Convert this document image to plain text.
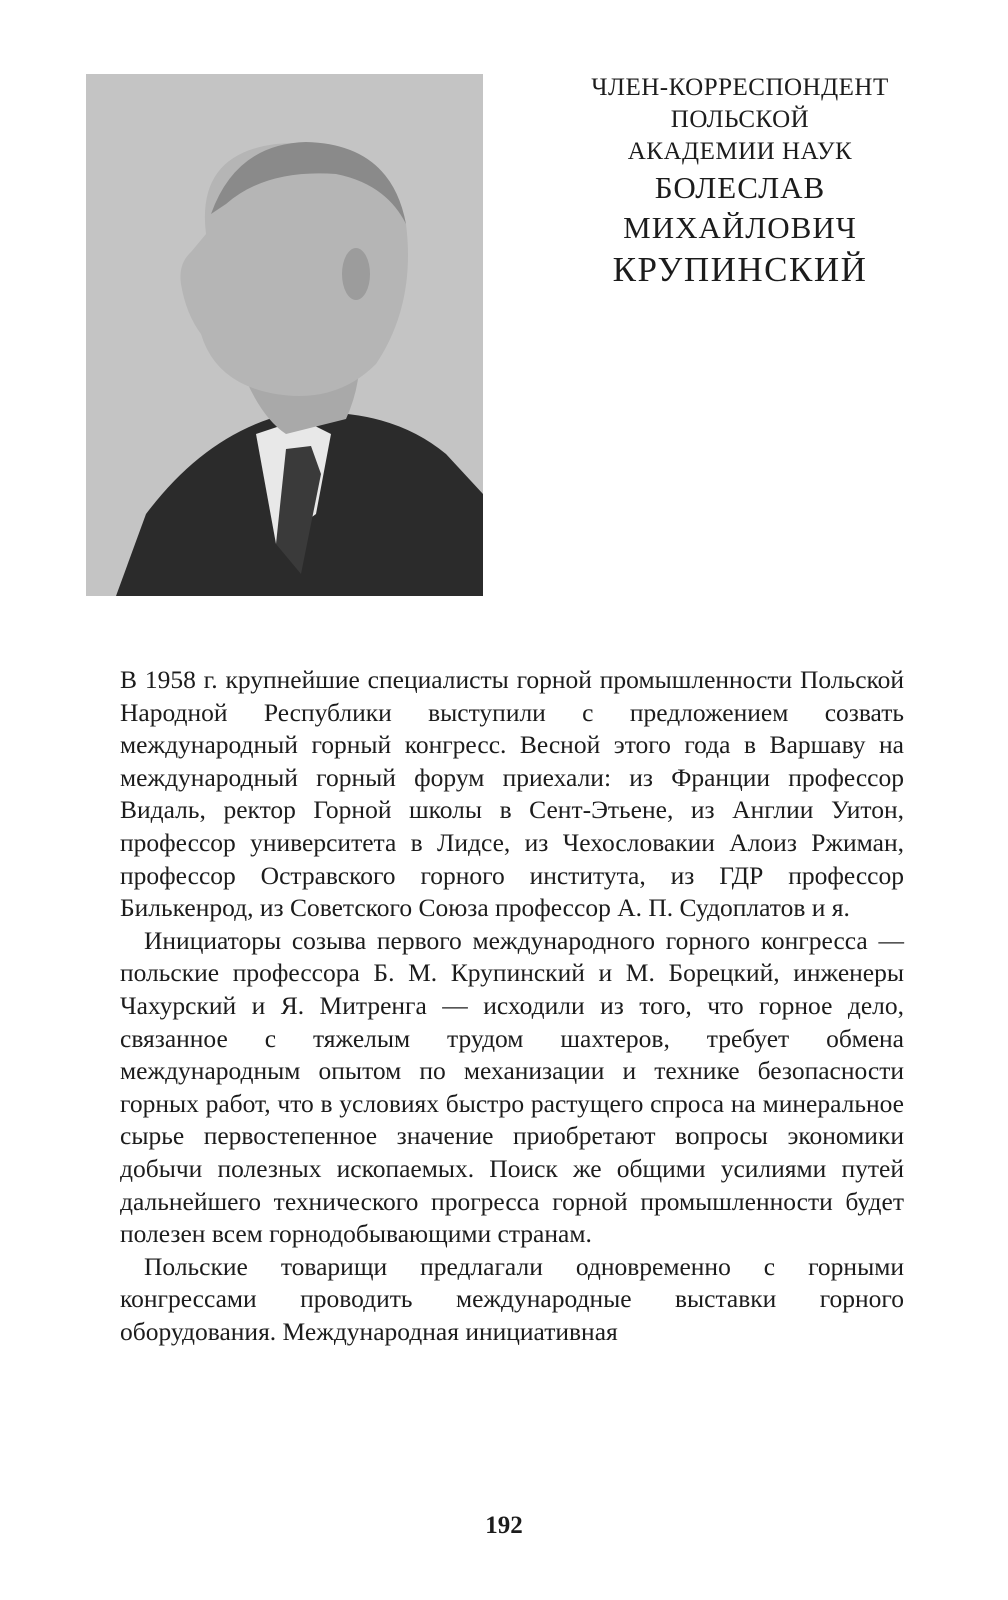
ЧЛЕН-КОРРЕСПОНДЕНТ
ПОЛЬСКОЙ
АКАДЕМИИ НАУК
БОЛЕСЛАВ
МИХАЙЛОВИЧ
КРУПИНСКИЙ

В 1958 г. крупнейшие специалисты горной промышленности Польской Народной Республики выступили с предложением созвать международный горный конгресс. Весной этого года в Варшаву на международный горный форум приехали: из Франции профессор Видаль, ректор Горной школы в Сент-Этьене, из Англии Уитон, профессор университета в Лидсе, из Чехословакии Алоиз Ржиман, профессор Остравского горного института, из ГДР профессор Билькенрод, из Советского Союза профессор А. П. Судоплатов и я.

Инициаторы созыва первого международного горного конгресса — польские профессора Б. М. Крупинский и М. Борецкий, инженеры Чахурский и Я. Митренга — исходили из того, что горное дело, связанное с тяжелым трудом шахтеров, требует обмена международным опытом по механизации и технике безопасности горных работ, что в условиях быстро растущего спроса на минеральное сырье первостепенное значение приобретают вопросы экономики добычи полезных ископаемых. Поиск же общими усилиями путей дальнейшего технического прогресса горной промышленности будет полезен всем горнодобывающими странам.

Польские товарищи предлагали одновременно с горными конгрессами проводить международные выставки горного оборудования. Международная инициативная

192
